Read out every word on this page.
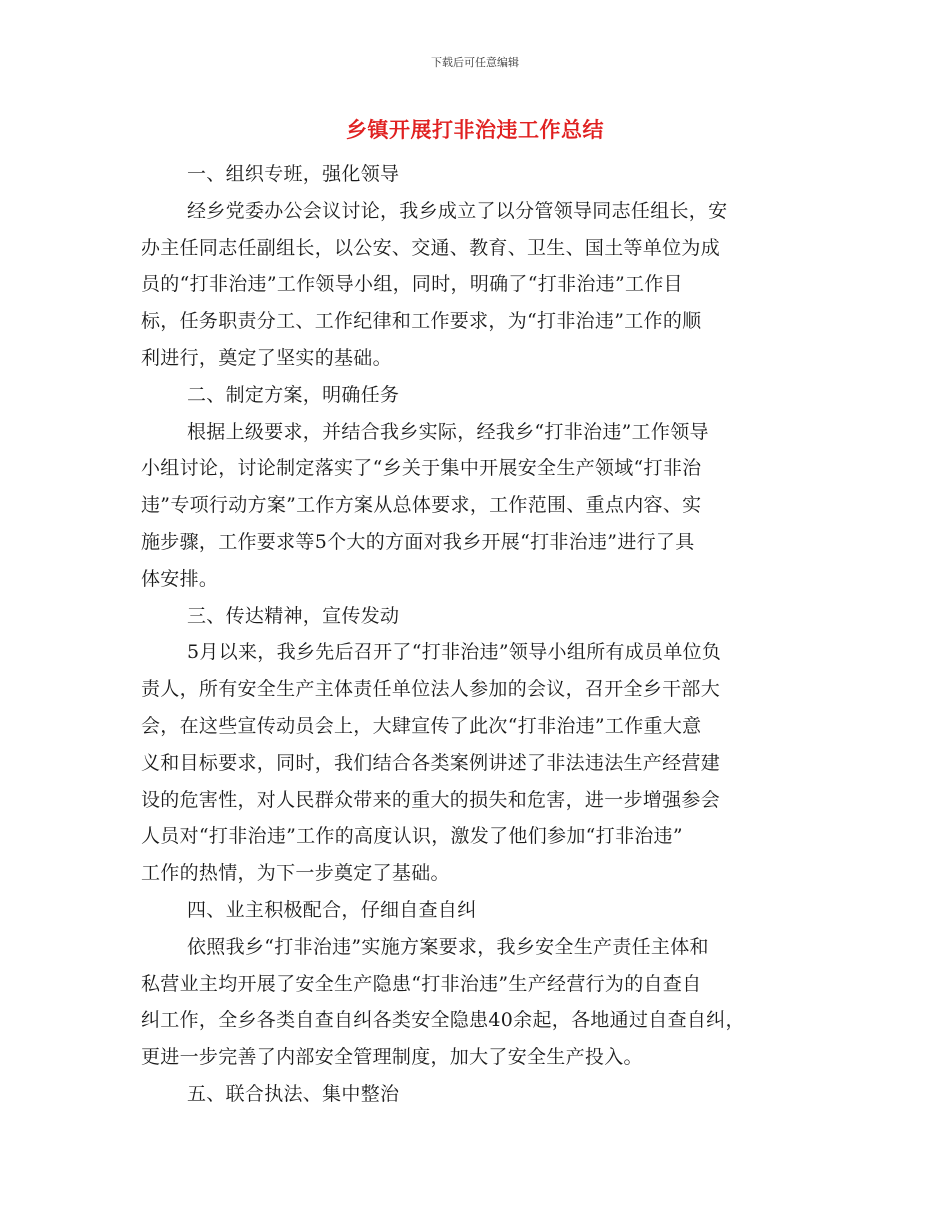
下载后可任意编辑
乡镇开展打非治违工作总结
一、组织专班，强化领导
经乡党委办公会议讨论，我乡成立了以分管领导同志任组长，安
办主任同志任副组长，以公安、交通、教育、卫生、国土等单位为成
员的“打非治违”工作领导小组，同时，明确了“打非治违”工作目
标，任务职责分工、工作纪律和工作要求，为“打非治违”工作的顺
利进行，奠定了坚实的基础。
二、制定方案，明确任务
根据上级要求，并结合我乡实际，经我乡“打非治违”工作领导
小组讨论，讨论制定落实了“乡关于集中开展安全生产领域“打非治
违”专项行动方案”工作方案从总体要求，工作范围、重点内容、实
施步骤，工作要求等5个大的方面对我乡开展“打非治违”进行了具
体安排。
三、传达精神，宣传发动
5月以来，我乡先后召开了“打非治违”领导小组所有成员单位负
责人，所有安全生产主体责任单位法人参加的会议，召开全乡干部大
会，在这些宣传动员会上，大肆宣传了此次“打非治违”工作重大意
义和目标要求，同时，我们结合各类案例讲述了非法违法生产经营建
设的危害性，对人民群众带来的重大的损失和危害，进一步增强参会
人员对“打非治违”工作的高度认识，激发了他们参加“打非治违”
工作的热情，为下一步奠定了基础。
四、业主积极配合，仔细自查自纠
依照我乡“打非治违”实施方案要求，我乡安全生产责任主体和
私营业主均开展了安全生产隐患“打非治违”生产经营行为的自查自
纠工作，全乡各类自查自纠各类安全隐患40余起，各地通过自查自纠，
更进一步完善了内部安全管理制度，加大了安全生产投入。
五、联合执法、集中整治
